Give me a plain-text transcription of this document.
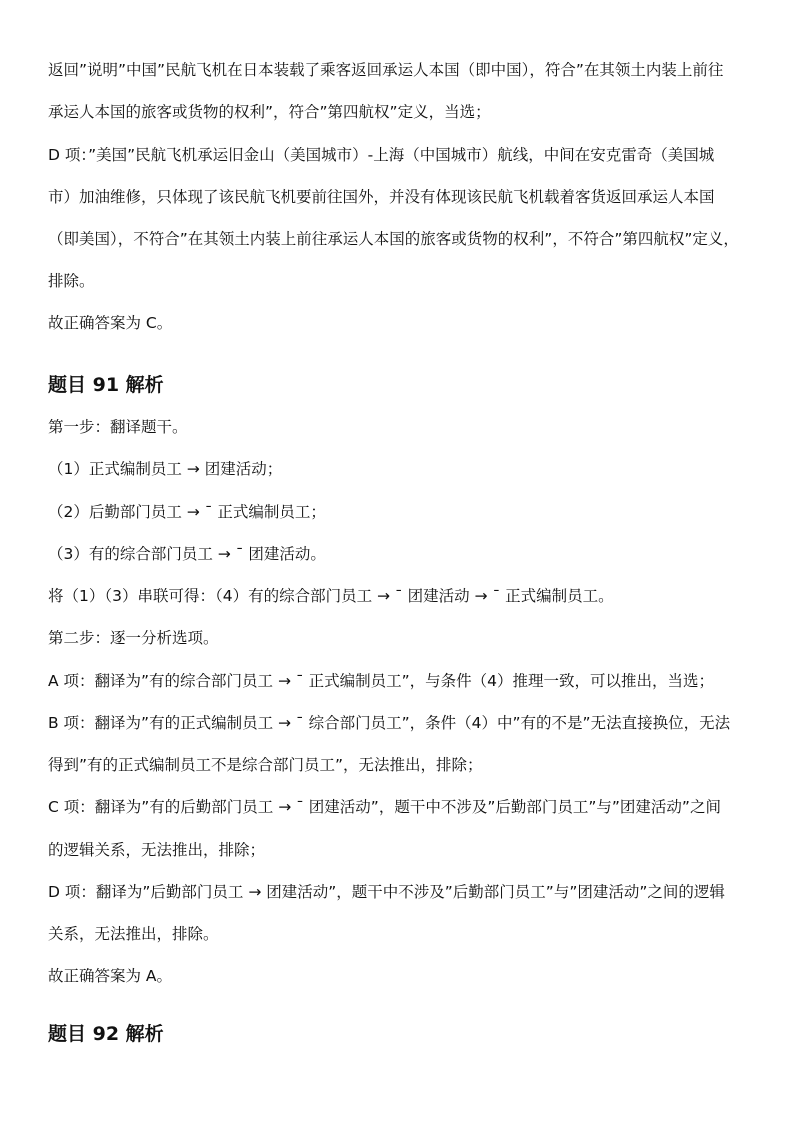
返回”说明”中国”民航飞机在日本装载了乘客返回承运人本国（即中国），符合”在其领土内装上前往

承运人本国的旅客或货物的权利”，符合”第四航权”定义，当选；

D 项：”美国”民航飞机承运旧金山（美国城市）-上海（中国城市）航线，中间在安克雷奇（美国城

市）加油维修，只体现了该民航飞机要前往国外，并没有体现该民航飞机载着客货返回承运人本国

（即美国），不符合”在其领土内装上前往承运人本国的旅客或货物的权利”，不符合”第四航权”定义，

排除。

故正确答案为 C。

题目 91 解析

第一步：翻译题干。

（1）正式编制员工 → 团建活动；

（2）后勤部门员工 → ¯ 正式编制员工；

（3）有的综合部门员工 → ¯ 团建活动。

将（1）（3）串联可得：（4）有的综合部门员工 → ¯ 团建活动 → ¯ 正式编制员工。

第二步：逐一分析选项。

A 项：翻译为”有的综合部门员工 → ¯ 正式编制员工”，与条件（4）推理一致，可以推出，当选；

B 项：翻译为”有的正式编制员工 → ¯ 综合部门员工”，条件（4）中”有的不是”无法直接换位，无法

得到”有的正式编制员工不是综合部门员工”，无法推出，排除；

C 项：翻译为”有的后勤部门员工 → ¯ 团建活动”，题干中不涉及”后勤部门员工”与”团建活动”之间

的逻辑关系，无法推出，排除；

D 项：翻译为”后勤部门员工 → 团建活动”，题干中不涉及”后勤部门员工”与”团建活动”之间的逻辑

关系，无法推出，排除。

故正确答案为 A。

题目 92 解析
